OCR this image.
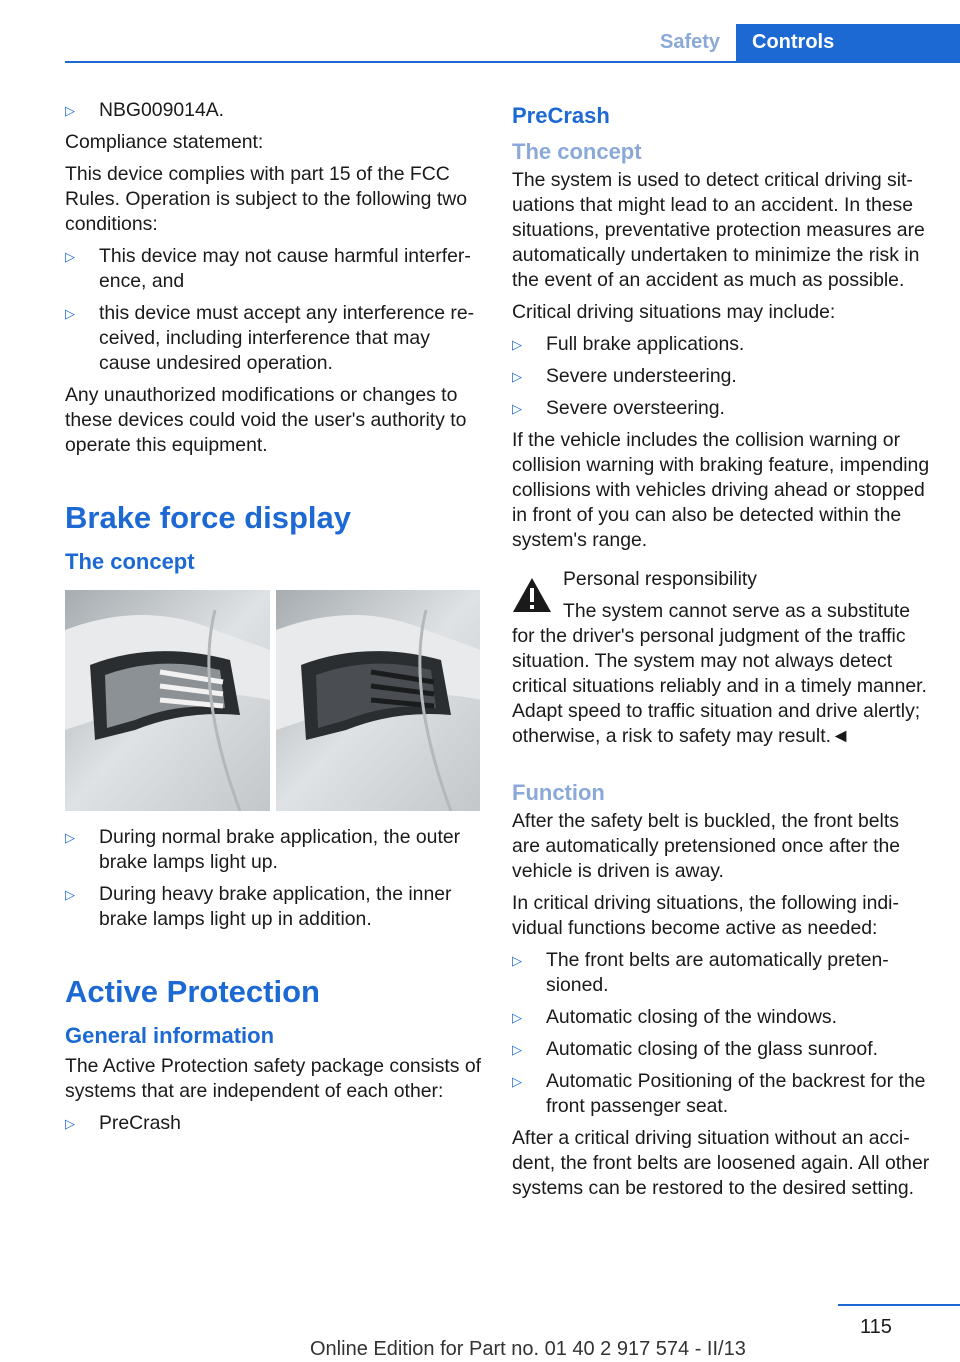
Safety	Controls
▷ NBG009014A.

Compliance statement:

This device complies with part 15 of the FCC Rules. Operation is subject to the following two conditions:

▷ This device may not cause harmful interference, and
▷ this device must accept any interference received, including interference that may cause undesired operation.

Any unauthorized modifications or changes to these devices could void the user's authority to operate this equipment.

Brake force display
The concept
▷ During normal brake application, the outer brake lamps light up.
▷ During heavy brake application, the inner brake lamps light up in addition.
Active Protection
General information

The Active Protection safety package consists of systems that are independent of each other:

▷ PreCrash
PreCrash
The concept

The system is used to detect critical driving situations that might lead to an accident. In these situations, preventative protection measures are automatically undertaken to minimize the risk in the event of an accident as much as possible.

Critical driving situations may include:

▷ Full brake applications.
▷ Severe understeering.
▷ Severe oversteering.

If the vehicle includes the collision warning or collision warning with braking feature, impending collisions with vehicles driving ahead or stopped in front of you can also be detected within the system's range.

Personal responsibility

The system cannot serve as a substitute for the driver's personal judgment of the traffic situation. The system may not always detect critical situations reliably and in a timely manner. Adapt speed to traffic situation and drive alertly; otherwise, a risk to safety may result.◄

Function

After the safety belt is buckled, the front belts are automatically pretensioned once after the vehicle is driven is away.

In critical driving situations, the following individual functions become active as needed:

▷ The front belts are automatically pretensioned.
▷ Automatic closing of the windows.
▷ Automatic closing of the glass sunroof.
▷ Automatic Positioning of the backrest for the front passenger seat.

After a critical driving situation without an accident, the front belts are loosened again. All other systems can be restored to the desired setting.

115
Online Edition for Part no. 01 40 2 917 574 - II/13
